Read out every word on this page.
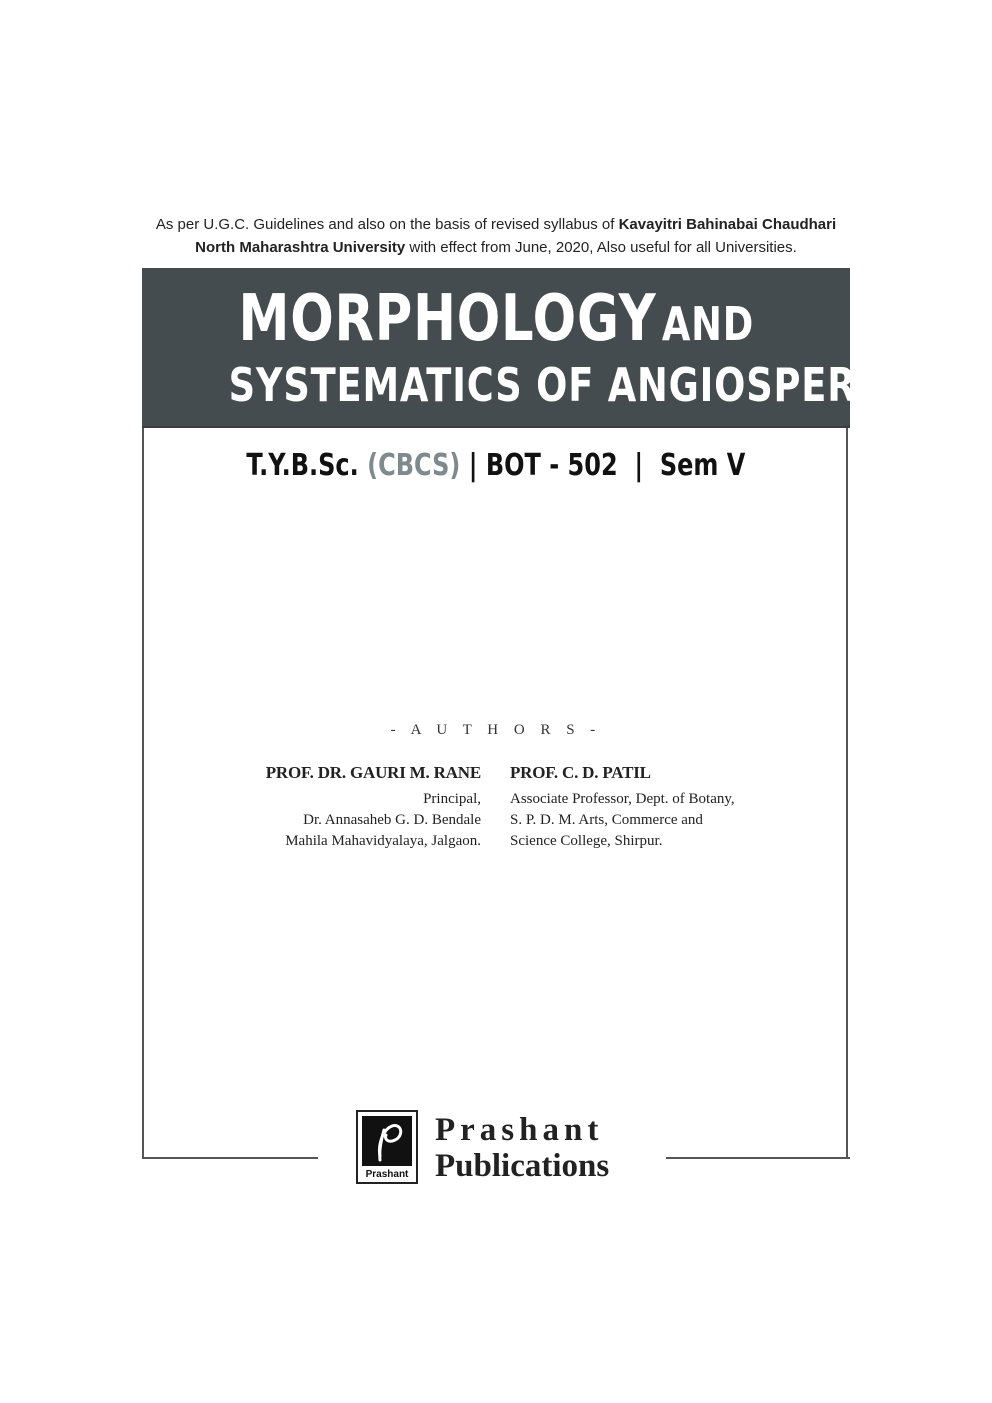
As per U.G.C. Guidelines and also on the basis of revised syllabus of Kavayitri Bahinabai Chaudhari
North Maharashtra University with effect from June, 2020, Also useful for all Universities.
MORPHOLOGY AND
SYSTEMATICS OF ANGIOSPERMS
T.Y.B.Sc. (CBCS) | BOT - 502  |  Sem V
- A U T H O R S -
PROF. DR. GAURI M. RANE
Principal,
Dr. Annasaheb G. D. Bendale
Mahila Mahavidyalaya, Jalgaon.
PROF. C. D. PATIL
Associate Professor, Dept. of Botany,
S. P. D. M. Arts, Commerce and
Science College, Shirpur.
Prashant
Prashant
Publications
